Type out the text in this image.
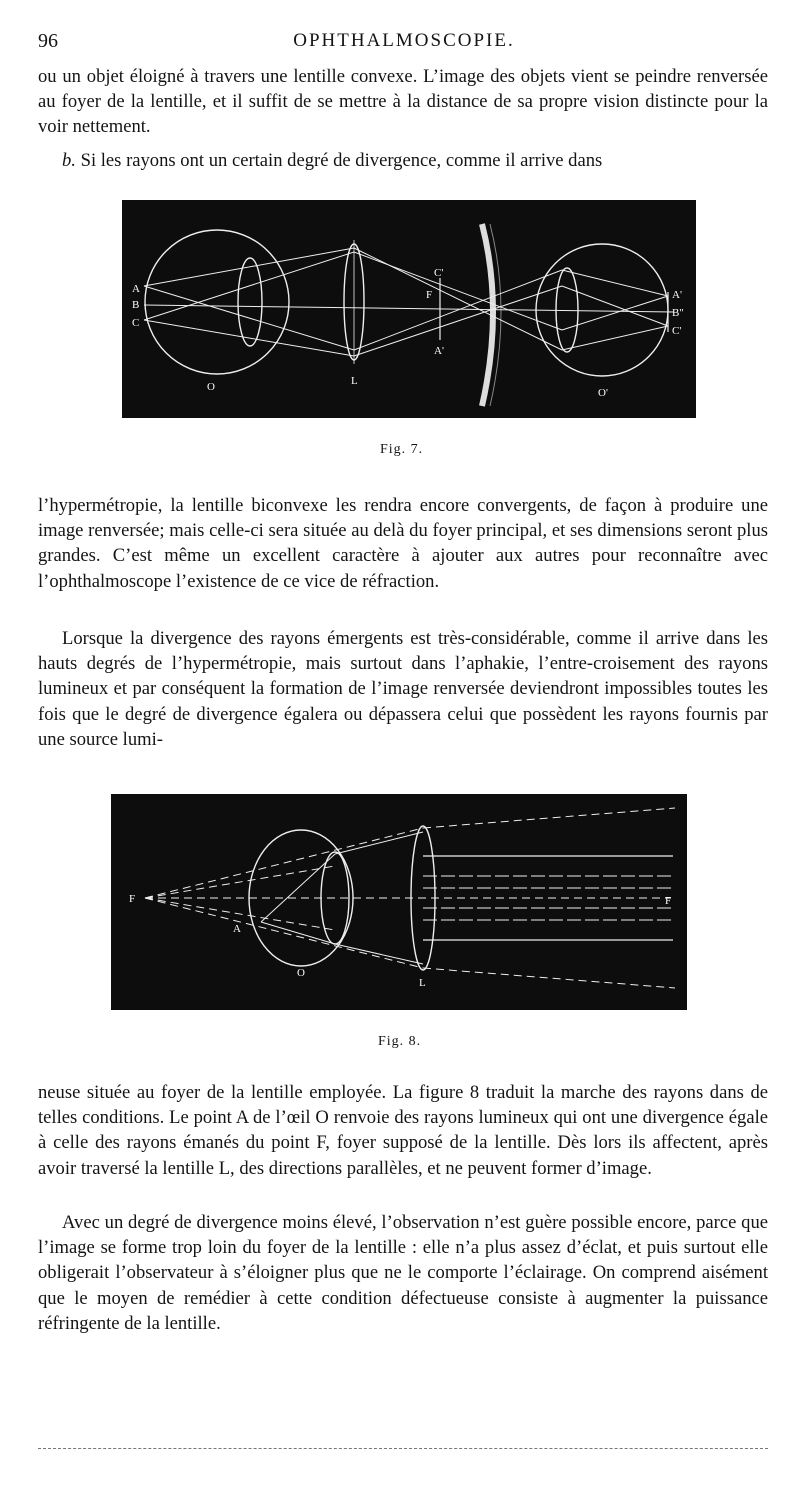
96	OPHTHALMOSCOPIE.

ou un objet éloigné à travers une lentille convexe. L’image des objets vient se peindre renversée au foyer de la lentille, et il suffit de se mettre à la distance de sa propre vision distincte pour la voir nettement.

b. Si les rayons ont un certain degré de divergence, comme il arrive dans

A
B
C
O	L
F
C'
A'
O'
A'
B''
C'
Fig. 7.

l’hypermétropie, la lentille biconvexe les rendra encore convergents, de façon à produire une image renversée; mais celle-ci sera située au delà du foyer principal, et ses dimensions seront plus grandes. C’est même un excellent caractère à ajouter aux autres pour reconnaître avec l’ophthalmoscope l’existence de ce vice de réfraction.

Lorsque la divergence des rayons émergents est très-considérable, comme il arrive dans les hauts degrés de l’hypermétropie, mais surtout dans l’aphakie, l’entre-croisement des rayons lumineux et par conséquent la formation de l’image renversée deviendront impossibles toutes les fois que le degré de divergence égalera ou dépassera celui que possèdent les rayons fournis par une source lumi-

F	F
A
O
L
Fig. 8.

neuse située au foyer de la lentille employée. La figure 8 traduit la marche des rayons dans de telles conditions. Le point A de l’œil O renvoie des rayons lumineux qui ont une divergence égale à celle des rayons émanés du point F, foyer supposé de la lentille. Dès lors ils affectent, après avoir traversé la lentille L, des directions parallèles, et ne peuvent former d’image.

Avec un degré de divergence moins élevé, l’observation n’est guère possible encore, parce que l’image se forme trop loin du foyer de la lentille : elle n’a plus assez d’éclat, et puis surtout elle obligerait l’observateur à s’éloigner plus que ne le comporte l’éclairage. On comprend aisément que le moyen de remédier à cette condition défectueuse consiste à augmenter la puissance réfringente de la lentille.
